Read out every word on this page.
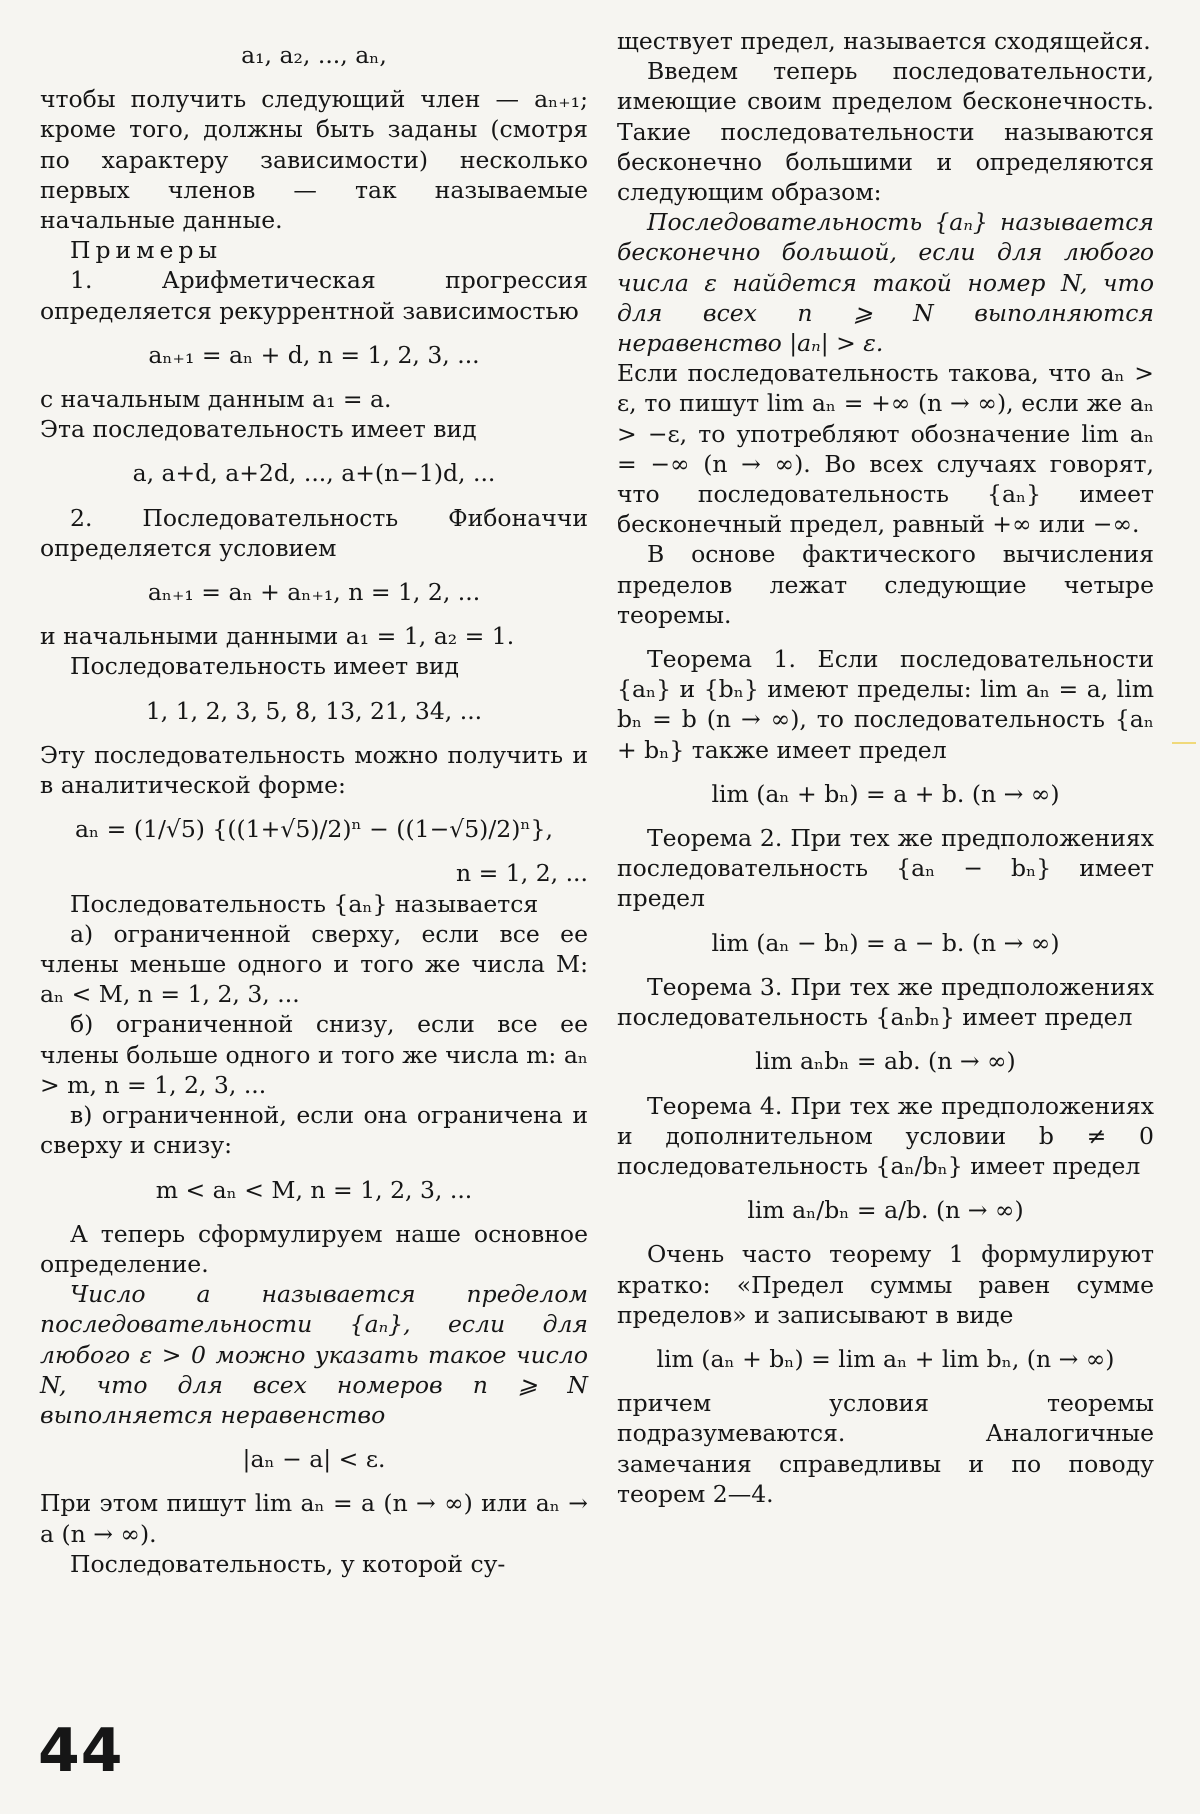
a₁, a₂, ..., aₙ,

чтобы получить следующий член — aₙ₊₁; кроме того, должны быть заданы (смотря по характеру зависимости) несколько первых членов — так называемые начальные данные.

Примеры

1. Арифметическая прогрессия определяется рекуррентной зависимостью

aₙ₊₁ = aₙ + d, n = 1, 2, 3, ...

с начальным данным a₁ = a.

Эта последовательность имеет вид

a, a+d, a+2d, ..., a+(n−1)d, ...

2. Последовательность Фибоначчи определяется условием

aₙ₊₁ = aₙ + aₙ₊₁, n = 1, 2, ...

и начальными данными a₁ = 1, a₂ = 1.

Последовательность имеет вид

1, 1, 2, 3, 5, 8, 13, 21, 34, ...

Эту последовательность можно получить и в аналитической форме:

aₙ = (1/√5) {((1+√5)/2)ⁿ − ((1−√5)/2)ⁿ},

n = 1, 2, ...

Последовательность {aₙ} называется

а) ограниченной сверху, если все ее члены меньше одного и того же числа M: aₙ < M, n = 1, 2, 3, ...

б) ограниченной снизу, если все ее члены больше одного и того же числа m: aₙ > m, n = 1, 2, 3, ...

в) ограниченной, если она ограничена и сверху и снизу:

m < aₙ < M, n = 1, 2, 3, ...

А теперь сформулируем наше основное определение.

Число a называется пределом последовательности {aₙ}, если для любого ε > 0 можно указать такое число N, что для всех номеров n ⩾ N выполняется неравенство

|aₙ − a| < ε.

При этом пишут lim aₙ = a (n → ∞) или aₙ → a (n → ∞).

Последовательность, у которой су-

ществует предел, называется сходящейся.

Введем теперь последовательности, имеющие своим пределом бесконечность. Такие последовательности называются бесконечно большими и определяются следующим образом:

Последовательность {aₙ} называется бесконечно большой, если для любого числа ε найдется такой номер N, что для всех n ⩾ N выполняются неравенство |aₙ| > ε.

Если последовательность такова, что aₙ > ε, то пишут lim aₙ = +∞ (n → ∞), если же aₙ > −ε, то употребляют обозначение lim aₙ = −∞ (n → ∞). Во всех случаях говорят, что последовательность {aₙ} имеет бесконечный предел, равный +∞ или −∞.

В основе фактического вычисления пределов лежат следующие четыре теоремы.

Теорема 1. Если последовательности {aₙ} и {bₙ} имеют пределы: lim aₙ = a, lim bₙ = b (n → ∞), то последовательность {aₙ + bₙ} также имеет предел

lim (aₙ + bₙ) = a + b. (n → ∞)

Теорема 2. При тех же предположениях последовательность {aₙ − bₙ} имеет предел

lim (aₙ − bₙ) = a − b. (n → ∞)

Теорема 3. При тех же предположениях последовательность {aₙbₙ} имеет предел

lim aₙbₙ = ab. (n → ∞)

Теорема 4. При тех же предположениях и дополнительном условии b ≠ 0 последовательность {aₙ/bₙ} имеет предел

lim aₙ/bₙ = a/b. (n → ∞)

Очень часто теорему 1 формулируют кратко: «Предел суммы равен сумме пределов» и записывают в виде

lim (aₙ + bₙ) = lim aₙ + lim bₙ, (n → ∞)

причем условия теоремы подразумеваются. Аналогичные замечания справедливы и по поводу теорем 2—4.

44
